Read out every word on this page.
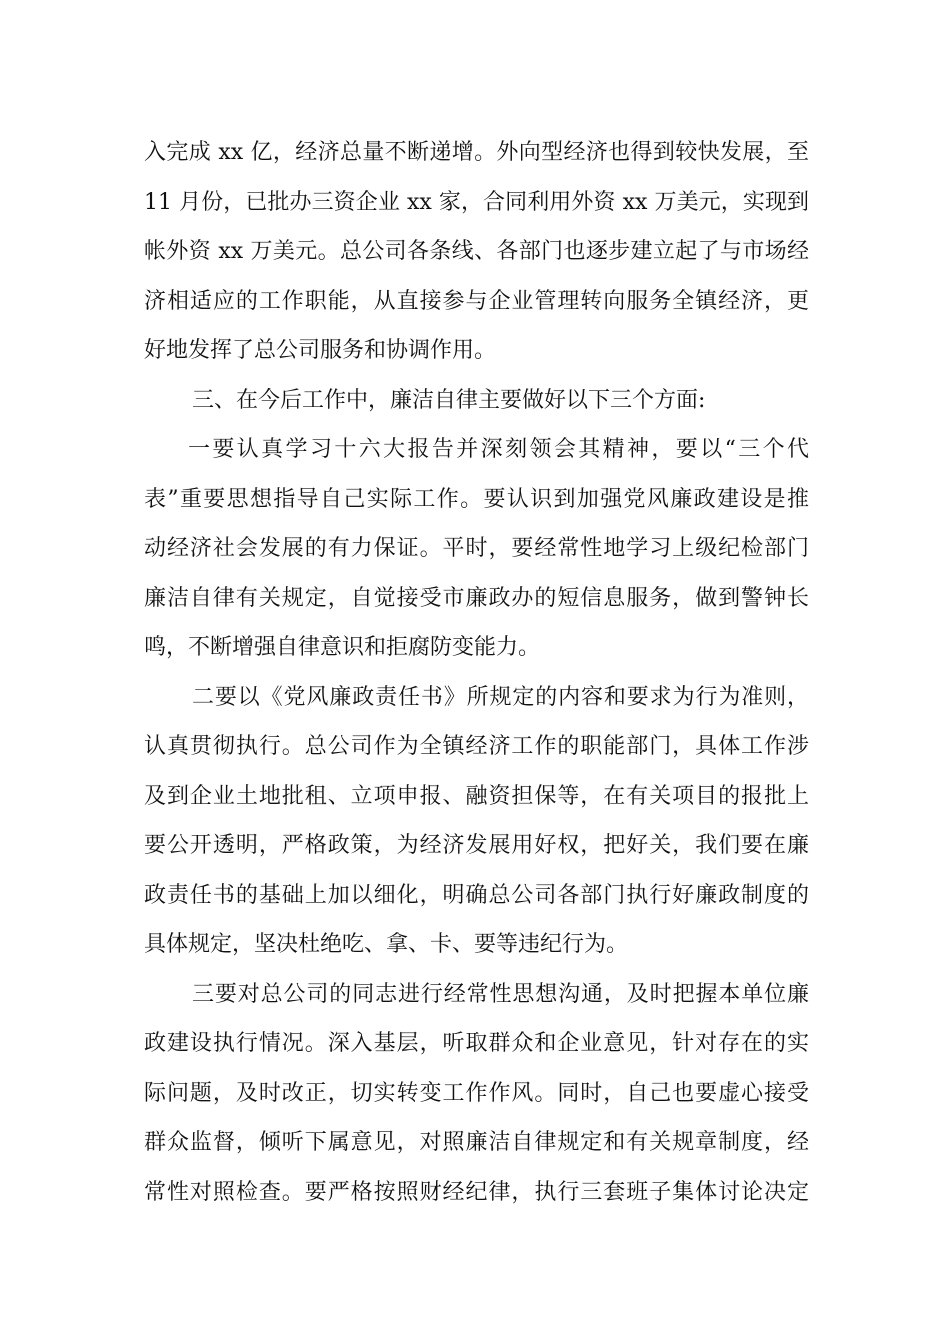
入完成 xx 亿，经济总量不断递增。外向型经济也得到较快发展，至
11 月份，已批办三资企业 xx 家，合同利用外资 xx 万美元，实现到
帐外资 xx 万美元。总公司各条线、各部门也逐步建立起了与市场经
济相适应的工作职能，从直接参与企业管理转向服务全镇经济，更
好地发挥了总公司服务和协调作用。
三、在今后工作中，廉洁自律主要做好以下三个方面:
一要认真学习十六大报告并深刻领会其精神，要以“三个代
表”重要思想指导自己实际工作。要认识到加强党风廉政建设是推
动经济社会发展的有力保证。平时，要经常性地学习上级纪检部门
廉洁自律有关规定，自觉接受市廉政办的短信息服务，做到警钟长
鸣，不断增强自律意识和拒腐防变能力。
二要以《党风廉政责任书》所规定的内容和要求为行为准则，
认真贯彻执行。总公司作为全镇经济工作的职能部门，具体工作涉
及到企业土地批租、立项申报、融资担保等，在有关项目的报批上
要公开透明，严格政策，为经济发展用好权，把好关，我们要在廉
政责任书的基础上加以细化，明确总公司各部门执行好廉政制度的
具体规定，坚决杜绝吃、拿、卡、要等违纪行为。
三要对总公司的同志进行经常性思想沟通，及时把握本单位廉
政建设执行情况。深入基层，听取群众和企业意见，针对存在的实
际问题，及时改正，切实转变工作作风。同时，自己也要虚心接受
群众监督，倾听下属意见，对照廉洁自律规定和有关规章制度，经
常性对照检查。要严格按照财经纪律，执行三套班子集体讨论决定
